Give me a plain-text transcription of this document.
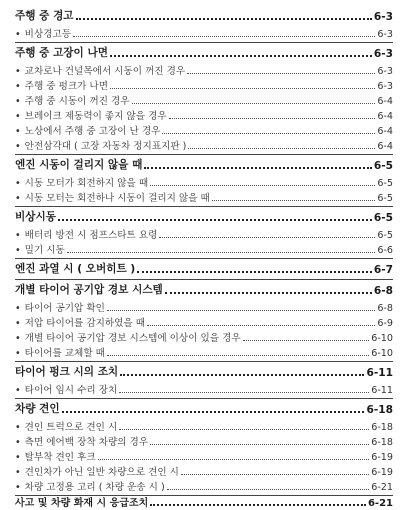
주행 중 경고	6-3
• 비상경고등	6-3
주행 중 고장이 나면	6-3
• 교차로나 건널목에서 시동이 꺼진 경우	6-3
• 주행 중 펑크가 나면	6-3
• 주행 중 시동이 꺼진 경우	6-4
• 브레이크 제동력이 좋지 않을 경우	6-4
• 노상에서 주행 중 고장이 난 경우	6-4
• 안전삼각대 ( 고장 자동차 정지표지판 )	6-4
엔진 시동이 걸리지 않을 때	6-5
• 시동 모터가 회전하지 않을 때	6-5
• 시동 모터는 회전하나 시동이 걸리지 않을 때	6-5
비상시동	6-5
• 배터리 방전 시 점프스타트 요령	6-5
• 밀기 시동	6-6
엔진 과열 시 ( 오버히트 )	6-7
개별 타이어 공기압 경보 시스템	6-8
• 타이어 공기압 확인	6-8
• 저압 타이어를 감지하였을 때	6-9
• 개별 타이어 공기압 경보 시스템에 이상이 있을 경우	6-10
• 타이어를 교체할 때	6-10
타이어 펑크 시의 조치	6-11
• 타이어 임시 수리 장치	6-11
차량 견인	6-18
• 견인 트럭으로 견인 시	6-18
• 측면 에어백 장착 차량의 경우	6-18
• 탈부착 견인 후크	6-19
• 견인차가 아닌 일반 차량으로 견인 시	6-19
• 차량 고정용 고리 ( 차량 운송 시 )	6-21
사고 및 차량 화재 시 응급조치	6-21
